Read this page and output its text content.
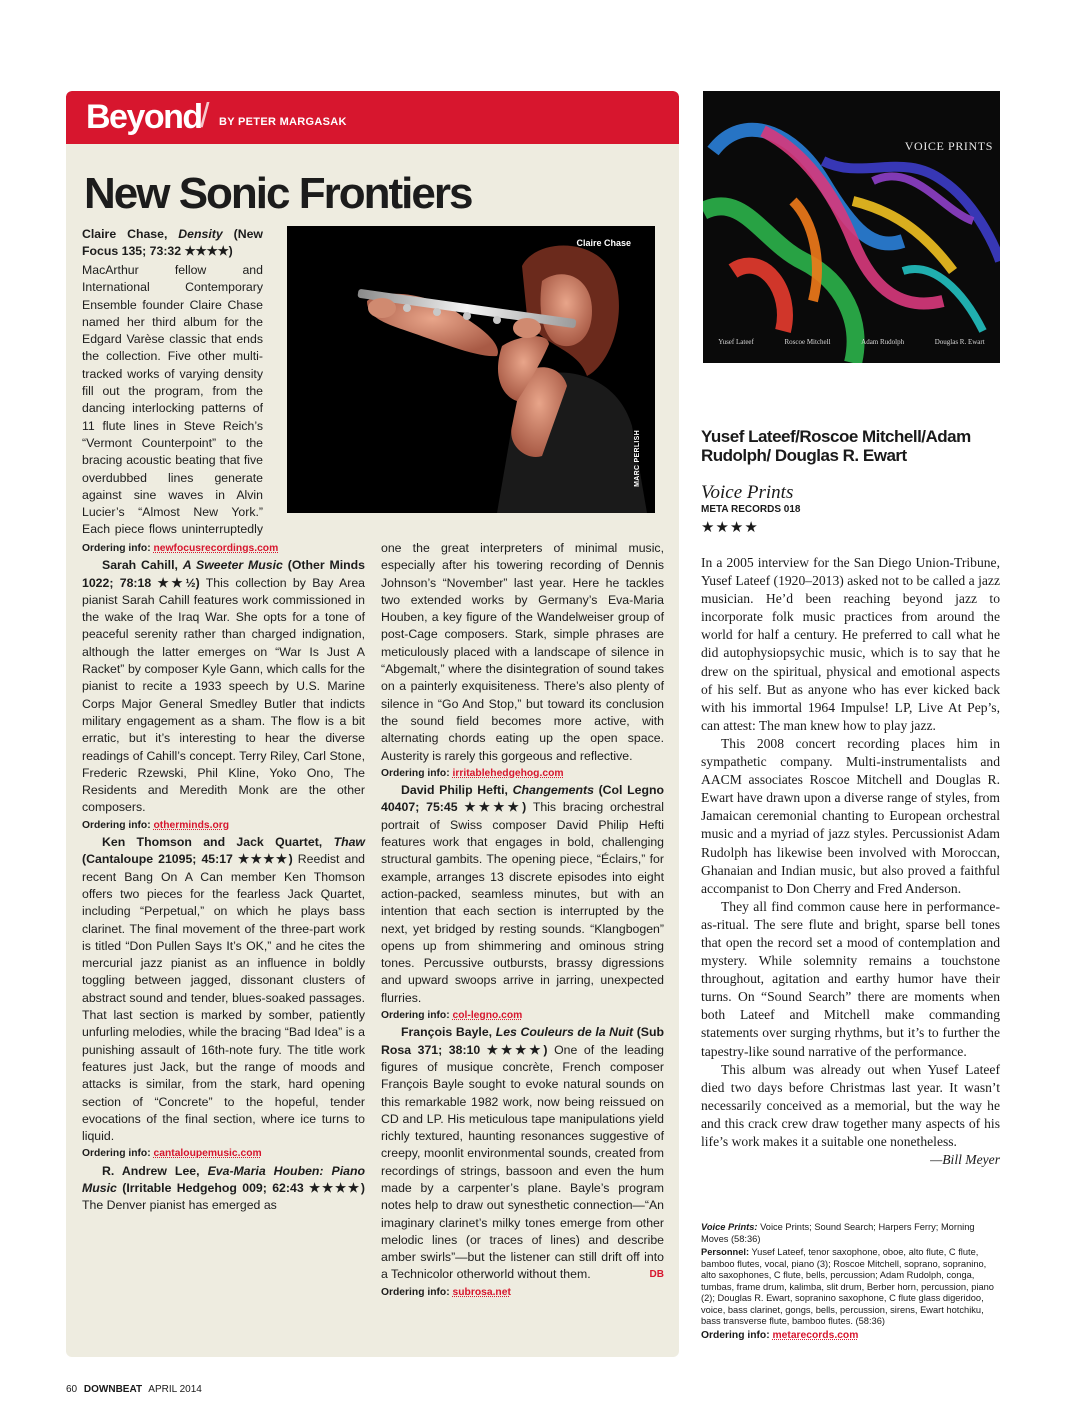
Beyond
/ BY PETER MARGASAK
New Sonic Frontiers
Claire Chase
MARC PERLISH

Claire Chase, Density (New Focus 135; 73:32 ★★★★)

MacArthur fellow and International Contemporary Ensemble founder Claire Chase named her third album for the Edgard Varèse classic that ends the collection. Five other multi-tracked works of varying density fill out the program, from the dancing interlocking patterns of 11 flute lines in Steve Reich’s “Vermont Counterpoint” to the bracing acoustic beating that five overdubbed lines generate against sine waves in Alvin Lucier’s “Almost New York.” Each piece flows uninterruptedly

Ordering info: newfocusrecordings.com

Sarah Cahill, A Sweeter Music (Other Minds 1022; 78:18 ★★½) This collection by Bay Area pianist Sarah Cahill features work commissioned in the wake of the Iraq War. She opts for a tone of peaceful serenity rather than charged indignation, although the latter emerges on “War Is Just A Racket” by composer Kyle Gann, which calls for the pianist to recite a 1933 speech by U.S. Marine Corps Major General Smedley Butler that indicts military engagement as a sham. The flow is a bit erratic, but it’s interesting to hear the diverse readings of Cahill’s concept. Terry Riley, Carl Stone, Frederic Rzewski, Phil Kline, Yoko Ono, The Residents and Meredith Monk are the other composers.

Ordering info: otherminds.org

Ken Thomson and Jack Quartet, Thaw (Cantaloupe 21095; 45:17 ★★★★) Reedist and recent Bang On A Can member Ken Thomson offers two pieces for the fearless Jack Quartet, including “Perpetual,” on which he plays bass clarinet. The final movement of the three-part work is titled “Don Pullen Says It’s OK,” and he cites the mercurial jazz pianist as an influence in boldly toggling between jagged, dissonant clusters of abstract sound and tender, blues-soaked passages. That last section is marked by somber, patiently unfurling melodies, while the bracing “Bad Idea” is a punishing assault of 16th-note fury. The title work features just Jack, but the range of moods and attacks is similar, from the stark, hard opening section of “Concrete” to the hopeful, tender evocations of the final section, where ice turns to liquid.

Ordering info: cantaloupemusic.com

R. Andrew Lee, Eva-Maria Houben: Piano Music (Irritable Hedgehog 009; 62:43 ★★★★) The Denver pianist has emerged as

one the great interpreters of minimal music, especially after his towering recording of Dennis Johnson’s “November” last year. Here he tackles two extended works by Germany’s Eva-Maria Houben, a key figure of the Wandelweiser group of post-Cage composers. Stark, simple phrases are meticulously placed with a landscape of silence in “Abgemalt,” where the disintegration of sound takes on a painterly exquisiteness. There’s also plenty of silence in “Go And Stop,” but toward its conclusion the sound field becomes more active, with alternating chords eating up the open space. Austerity is rarely this gorgeous and reflective.

Ordering info: irritablehedgehog.com

David Philip Hefti, Changements (Col Legno 40407; 75:45 ★★★★) This bracing orchestral portrait of Swiss composer David Philip Hefti features work that engages in bold, challenging structural gambits. The opening piece, “Éclairs,” for example, arranges 13 discrete episodes into eight action-packed, seamless minutes, but with an intention that each section is interrupted by the next, yet bridged by resting sounds. “Klangbogen” opens up from shimmering and ominous string tones. Percussive outbursts, brassy digressions and upward swoops arrive in jarring, unexpected flurries.

Ordering info: col-legno.com

François Bayle, Les Couleurs de la Nuit (Sub Rosa 371; 38:10 ★★★★) One of the leading figures of musique concrète, French composer François Bayle sought to evoke natural sounds on this remarkable 1982 work, now being reissued on CD and LP. His meticulous tape manipulations yield richly textured, haunting resonances suggestive of creepy, moonlit environmental sounds, created from recordings of strings, bassoon and even the hum made by a carpenter’s plane. Bayle’s program notes help to draw out synesthetic connection—“An imaginary clarinet’s milky tones emerge from other melodic lines (or traces of lines) and describe amber swirls”—but the listener can still drift off into a Technicolor otherworld without them.	DB

Ordering info: subrosa.net

VOICE PRINTS
Yusef Lateef	Roscoe Mitchell	Adam Rudolph	Douglas R. Ewart
Yusef Lateef/Roscoe Mitchell/Adam Rudolph/ Douglas R. Ewart
Voice Prints
META RECORDS 018
★★★★

In a 2005 interview for the San Diego Union-Tribune, Yusef Lateef (1920–2013) asked not to be called a jazz musician. He’d been reaching beyond jazz to incorporate folk music practices from around the world for half a century. He preferred to call what he did autophysiopsychic music, which is to say that he drew on the spiritual, physical and emotional aspects of his self. But as anyone who has ever kicked back with his immortal 1964 Impulse! LP, Live At Pep’s, can attest: The man knew how to play jazz.

This 2008 concert recording places him in sympathetic company. Multi-instrumentalists and AACM associates Roscoe Mitchell and Douglas R. Ewart have drawn upon a diverse range of styles, from Jamaican ceremonial chanting to European orchestral music and a myriad of jazz styles. Percussionist Adam Rudolph has likewise been involved with Moroccan, Ghanaian and Indian music, but also proved a faithful accompanist to Don Cherry and Fred Anderson.

They all find common cause here in performance-as-ritual. The sere flute and bright, sparse bell tones that open the record set a mood of contemplation and mystery. While solemnity remains a touchstone throughout, agitation and earthy humor have their turns. On “Sound Search” there are moments when both Lateef and Mitchell make commanding statements over surging rhythms, but it’s to further the tapestry-like sound narrative of the performance.

This album was already out when Yusef Lateef died two days before Christmas last year. It wasn’t necessarily conceived as a memorial, but the way he and this crack crew draw together many aspects of his life’s work makes it a suitable one nonetheless.
—Bill Meyer

Voice Prints: Voice Prints; Sound Search; Harpers Ferry; Morning Moves (58:36)

Personnel: Yusef Lateef, tenor saxophone, oboe, alto flute, C flute, bamboo flutes, vocal, piano (3); Roscoe Mitchell, soprano, sopranino, alto saxophones, C flute, bells, percussion; Adam Rudolph, conga, tumbas, frame drum, kalimba, slit drum, Berber horn, percussion, piano (2); Douglas R. Ewart, sopranino saxophone, C flute glass digeridoo, voice, bass clarinet, gongs, bells, percussion, sirens, Ewart hotchiku, bass transverse flute, bamboo flutes. (58:36)

Ordering info: metarecords.com

60 DOWNBEAT APRIL 2014
